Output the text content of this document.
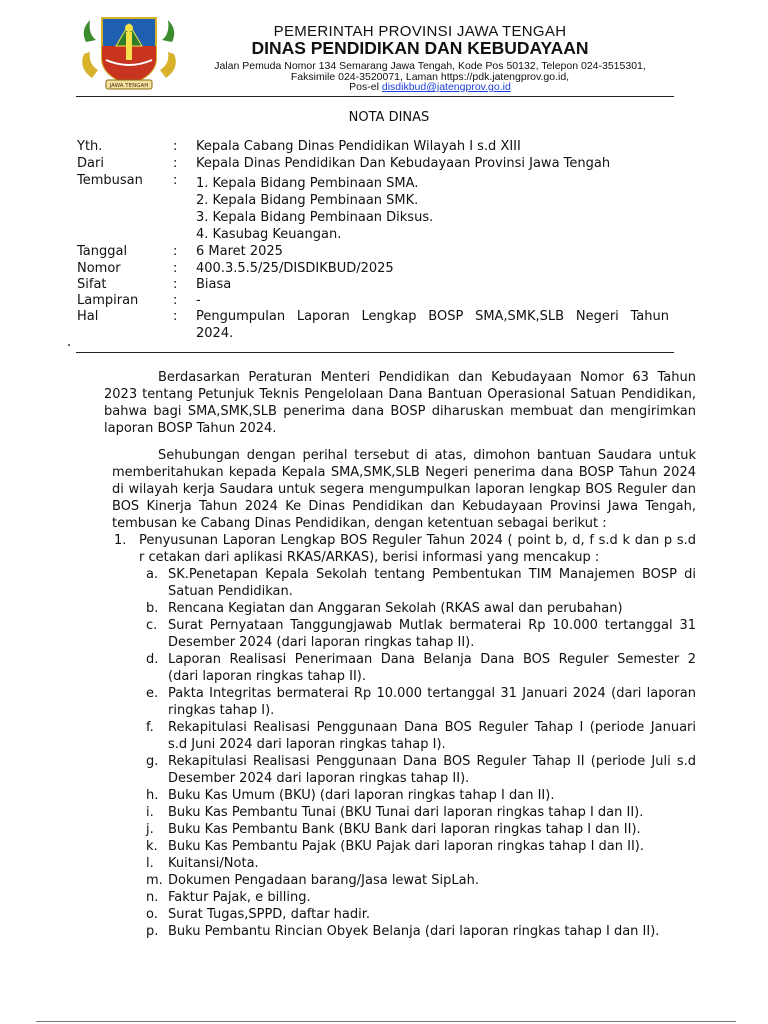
JAWA TENGAH
PEMERINTAH PROVINSI JAWA TENGAH
DINAS PENDIDIKAN DAN KEBUDAYAAN
Jalan Pemuda Nomor 134 Semarang Jawa Tengah, Kode Pos 50132, Telepon 024-3515301,
Faksimile 024-3520071, Laman https://pdk.jatengprov.go.id,
Pos-el disdikbud@jatengprov.go.id
NOTA DINAS
Yth.	: Kepala Cabang Dinas Pendidikan Wilayah I s.d XIII
Dari	: Kepala Dinas Pendidikan Dan Kebudayaan Provinsi Jawa Tengah
Tembusan : 1. Kepala Bidang Pembinaan SMA.
2. Kepala Bidang Pembinaan SMK.
3. Kepala Bidang Pembinaan Diksus.
4. Kasubag Keuangan.
Tanggal	: 6 Maret 2025
Nomor	: 400.3.5.5/25/DISDIKBUD/2025
Sifat	: Biasa
Lampiran	: -
Hal	: Pengumpulan Laporan Lengkap BOSP SMA,SMK,SLB Negeri Tahun
2024.
Berdasarkan Peraturan Menteri Pendidikan dan Kebudayaan Nomor 63 Tahun
2023 tentang Petunjuk Teknis Pengelolaan Dana Bantuan Operasional Satuan Pendidikan,
bahwa bagi SMA,SMK,SLB penerima dana BOSP diharuskan membuat dan mengirimkan
laporan BOSP Tahun 2024.
Sehubungan dengan perihal tersebut di atas, dimohon bantuan Saudara untuk
memberitahukan kepada Kepala SMA,SMK,SLB Negeri penerima dana BOSP Tahun 2024
di wilayah kerja Saudara untuk segera mengumpulkan laporan lengkap BOS Reguler dan
BOS Kinerja Tahun 2024 Ke Dinas Pendidikan dan Kebudayaan Provinsi Jawa Tengah,
tembusan ke Cabang Dinas Pendidikan, dengan ketentuan sebagai berikut :
1. Penyusunan Laporan Lengkap BOS Reguler Tahun 2024 ( point b, d, f s.d k dan p s.d
r cetakan dari aplikasi RKAS/ARKAS), berisi informasi yang mencakup :
a. SK.Penetapan Kepala Sekolah tentang Pembentukan TIM Manajemen BOSP di
Satuan Pendidikan.
b. Rencana Kegiatan dan Anggaran Sekolah (RKAS awal dan perubahan)
c. Surat Pernyataan Tanggungjawab Mutlak bermaterai Rp 10.000 tertanggal 31
Desember 2024 (dari laporan ringkas tahap II).
d. Laporan Realisasi Penerimaan Dana Belanja Dana BOS Reguler Semester 2
(dari laporan ringkas tahap II).
e. Pakta Integritas bermaterai Rp 10.000 tertanggal 31 Januari 2024 (dari laporan
ringkas tahap I).
f. Rekapitulasi Realisasi Penggunaan Dana BOS Reguler Tahap I (periode Januari
s.d Juni 2024 dari laporan ringkas tahap I).
g. Rekapitulasi Realisasi Penggunaan Dana BOS Reguler Tahap II (periode Juli s.d
Desember 2024 dari laporan ringkas tahap II).
h. Buku Kas Umum (BKU) (dari laporan ringkas tahap I dan II).
i. Buku Kas Pembantu Tunai (BKU Tunai dari laporan ringkas tahap I dan II).
j. Buku Kas Pembantu Bank (BKU Bank dari laporan ringkas tahap I dan II).
k. Buku Kas Pembantu Pajak (BKU Pajak dari laporan ringkas tahap I dan II).
l. Kuitansi/Nota.
m. Dokumen Pengadaan barang/Jasa lewat SipLah.
n. Faktur Pajak, e billing.
o. Surat Tugas,SPPD, daftar hadir.
p. Buku Pembantu Rincian Obyek Belanja (dari laporan ringkas tahap I dan II).
